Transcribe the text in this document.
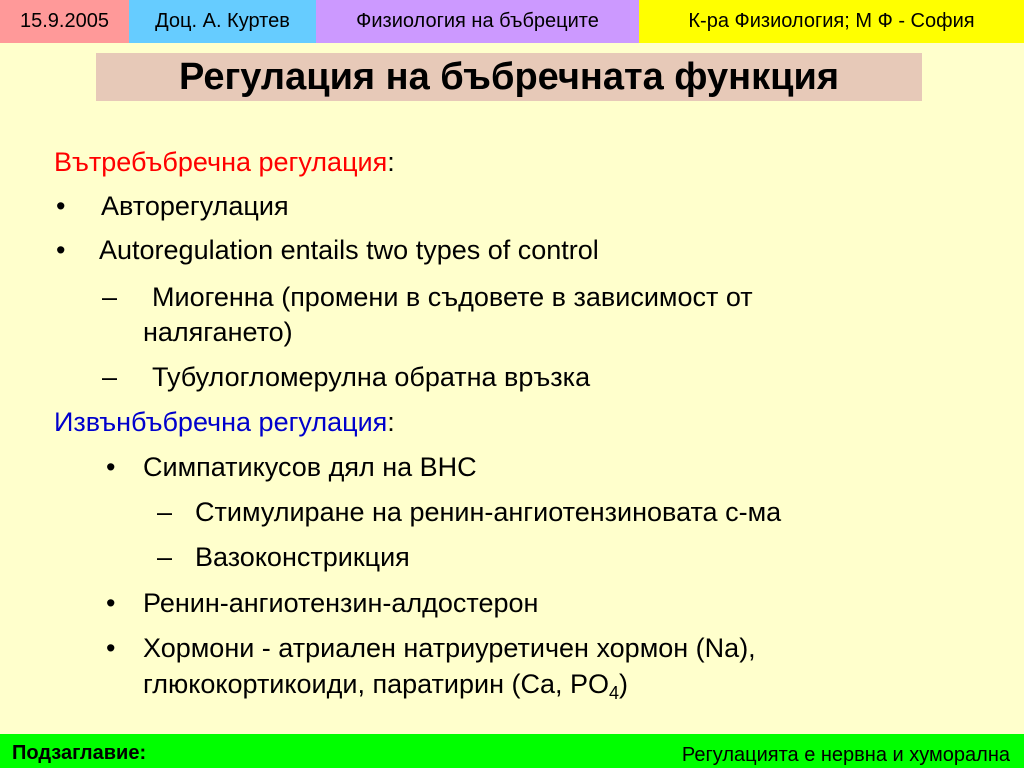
15.9.2005 Доц. А. Куртев	Физиология на бъбреците	К-ра Физиология; М Ф - София
Регулация на бъбречната функция
Вътребъбречна регулация:
• Авторегулация
• Autoregulation entails two types of control
– Миогенна (промени в съдовете в зависимост от
налягането)
– Тубулогломерулна обратна връзка
Извънбъбречна регулация:
• Симпатикусов дял на ВНС
– Стимулиране на ренин-ангиотензиновата с-ма
– Вазоконстрикция
• Ренин-ангиотензин-алдостерон
• Хормони - атриален натриуретичен хормон (Na),
глюкокортикоиди, паратирин (Ca, $PO_4$)
Подзаглавие:	Регулацията е нервна и хуморална
